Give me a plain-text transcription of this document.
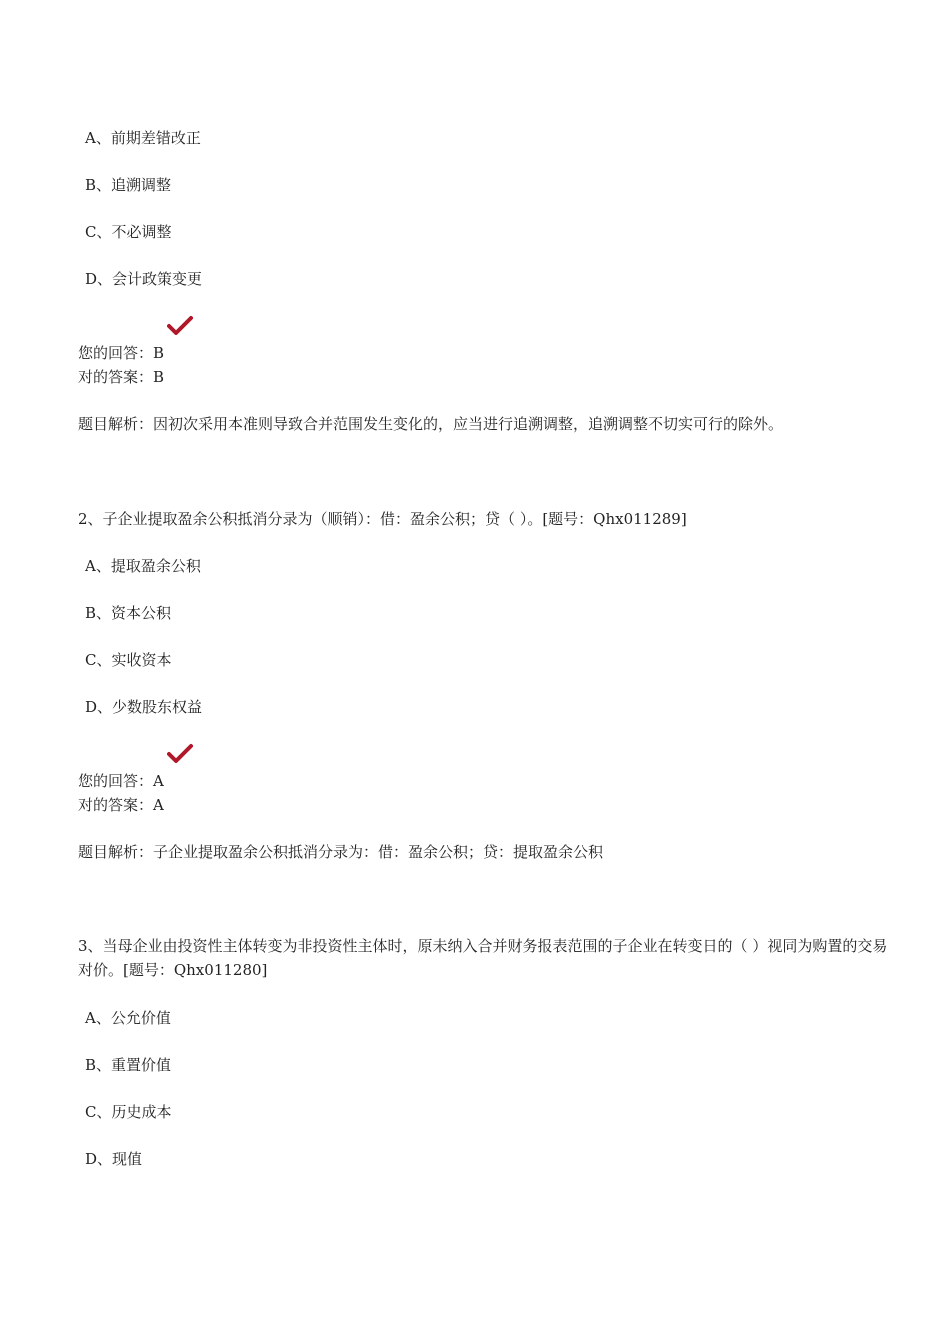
A、前期差错改正
B、追溯调整
C、不必调整
D、会计政策变更
您的回答：B
对的答案：B
题目解析：因初次采用本准则导致合并范围发生变化的，应当进行追溯调整，追溯调整不切实可行的除外。
2、子企业提取盈余公积抵消分录为（顺销）：借：盈余公积；贷（ ）。[题号：Qhx011289]
A、提取盈余公积
B、资本公积
C、实收资本
D、少数股东权益
您的回答：A
对的答案：A
题目解析：子企业提取盈余公积抵消分录为：借：盈余公积；贷：提取盈余公积
3、当母企业由投资性主体转变为非投资性主体时，原未纳入合并财务报表范围的子企业在转变日的（ ）视同为购置的交易对价。[题号：Qhx011280]
A、公允价值
B、重置价值
C、历史成本
D、现值
